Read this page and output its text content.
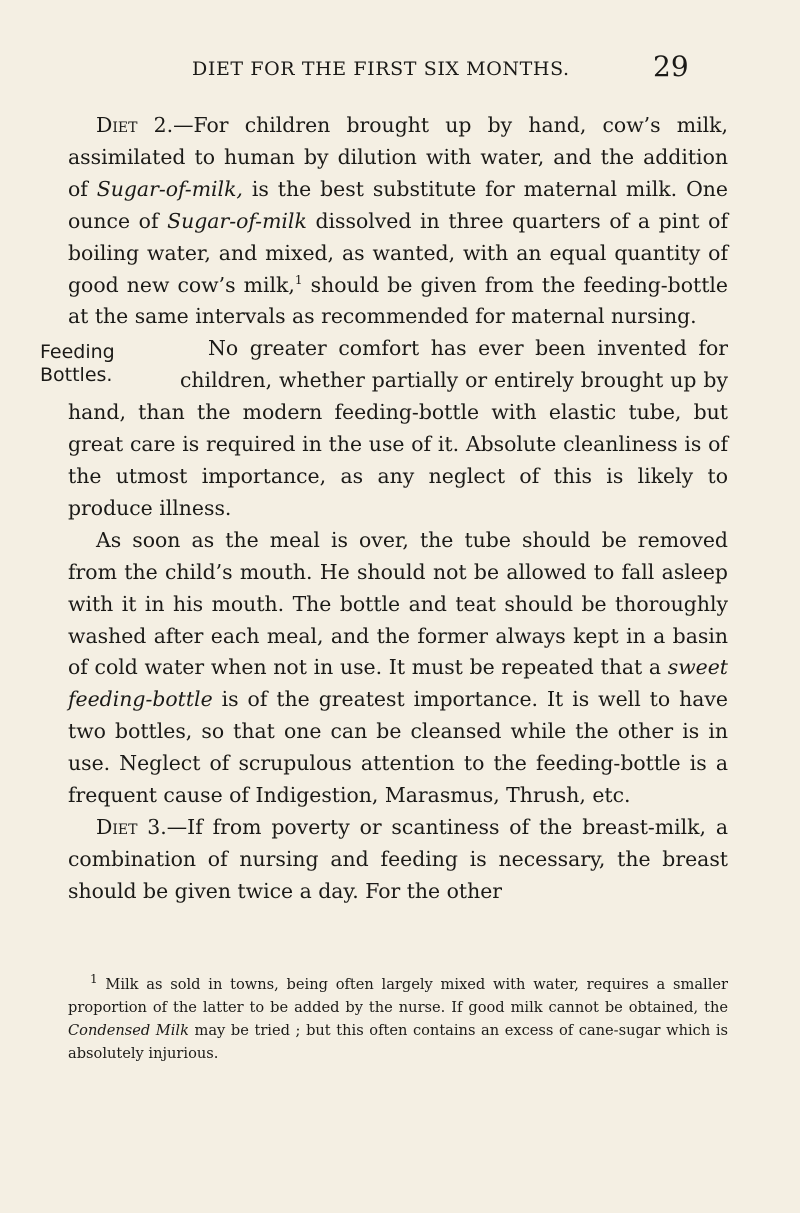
DIET FOR THE FIRST SIX MONTHS.	29

Diet 2.—For children brought up by hand, cow’s milk, assimilated to human by dilution with water, and the addition of Sugar-of-milk, is the best substitute for maternal milk. One ounce of Sugar-of-milk dissolved in three quarters of a pint of boiling water, and mixed, as wanted, with an equal quantity of good new cow’s milk,$^1$ should be given from the feeding-bottle at the same intervals as recommended for maternal nursing.

Feeding Bottles.
No greater comfort has ever been invented for children, whether partially or entirely brought up by hand, than the modern feeding-bottle with elastic tube, but great care is required in the use of it. Absolute cleanliness is of the utmost importance, as any neglect of this is likely to produce illness.

As soon as the meal is over, the tube should be removed from the child’s mouth. He should not be allowed to fall asleep with it in his mouth. The bottle and teat should be thoroughly washed after each meal, and the former always kept in a basin of cold water when not in use. It must be repeated that a sweet feeding-bottle is of the greatest importance. It is well to have two bottles, so that one can be cleansed while the other is in use. Neglect of scrupulous attention to the feeding-bottle is a frequent cause of Indigestion, Marasmus, Thrush, etc.

Diet 3.—If from poverty or scantiness of the breast-milk, a combination of nursing and feeding is necessary, the breast should be given twice a day. For the other

$^1$ Milk as sold in towns, being often largely mixed with water, requires a smaller proportion of the latter to be added by the nurse. If good milk cannot be obtained, the Condensed Milk may be tried ; but this often contains an excess of cane-sugar which is absolutely injurious.
